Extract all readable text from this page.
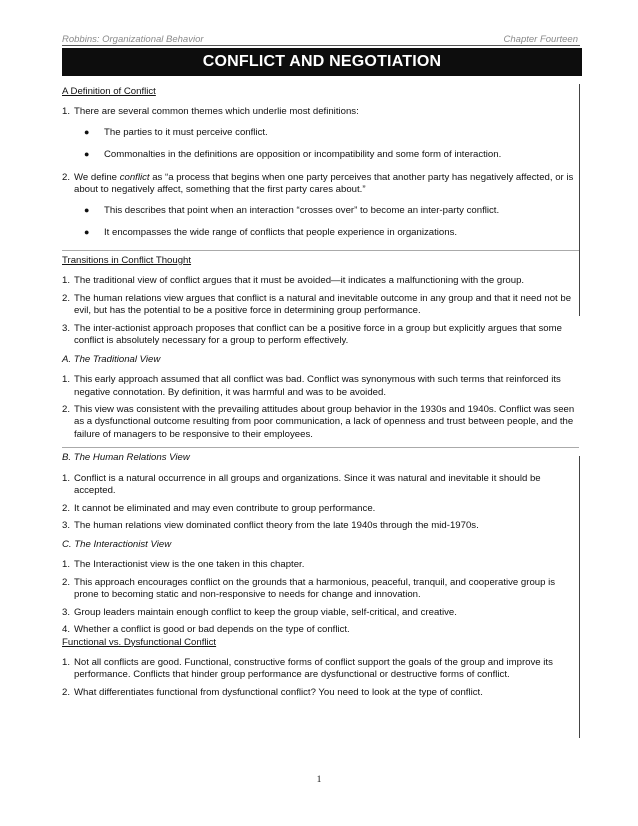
Robbins: Organizational Behavior	Chapter Fourteen
CONFLICT AND NEGOTIATION
A Definition of Conflict
1. There are several common themes which underlie most definitions:
●	The parties to it must perceive conflict.
●	Commonalties in the definitions are opposition or incompatibility and some form of interaction.
2. We define conflict as “a process that begins when one party perceives that another party has negatively affected, or is about to negatively affect, something that the first party cares about.”
●	This describes that point when an interaction “crosses over” to become an inter-party conflict.
●	It encompasses the wide range of conflicts that people experience in organizations.
Transitions in Conflict Thought
1. The traditional view of conflict argues that it must be avoided—it indicates a malfunctioning with the group.
2. The human relations view argues that conflict is a natural and inevitable outcome in any group and that it need not be evil, but has the potential to be a positive force in determining group performance.
3. The inter-actionist approach proposes that conflict can be a positive force in a group but explicitly argues that some conflict is absolutely necessary for a group to perform effectively.
A. The Traditional View
1. This early approach assumed that all conflict was bad. Conflict was synonymous with such terms that reinforced its negative connotation. By definition, it was harmful and was to be avoided.
2. This view was consistent with the prevailing attitudes about group behavior in the 1930s and 1940s. Conflict was seen as a dysfunctional outcome resulting from poor communication, a lack of openness and trust between people, and the failure of managers to be responsive to their employees.
B. The Human Relations View
1. Conflict is a natural occurrence in all groups and organizations. Since it was natural and inevitable it should be accepted.
2. It cannot be eliminated and may even contribute to group performance.
3. The human relations view dominated conflict theory from the late 1940s through the mid-1970s.
C. The Interactionist View
1. The Interactionist view is the one taken in this chapter.
2. This approach encourages conflict on the grounds that a harmonious, peaceful, tranquil, and cooperative group is prone to becoming static and non-responsive to needs for change and innovation.
3. Group leaders maintain enough conflict to keep the group viable, self-critical, and creative.
4. Whether a conflict is good or bad depends on the type of conflict.
Functional vs. Dysfunctional Conflict
1. Not all conflicts are good. Functional, constructive forms of conflict support the goals of the group and improve its performance. Conflicts that hinder group performance are dysfunctional or destructive forms of conflict.
2. What differentiates functional from dysfunctional conflict? You need to look at the type of conflict.
1
